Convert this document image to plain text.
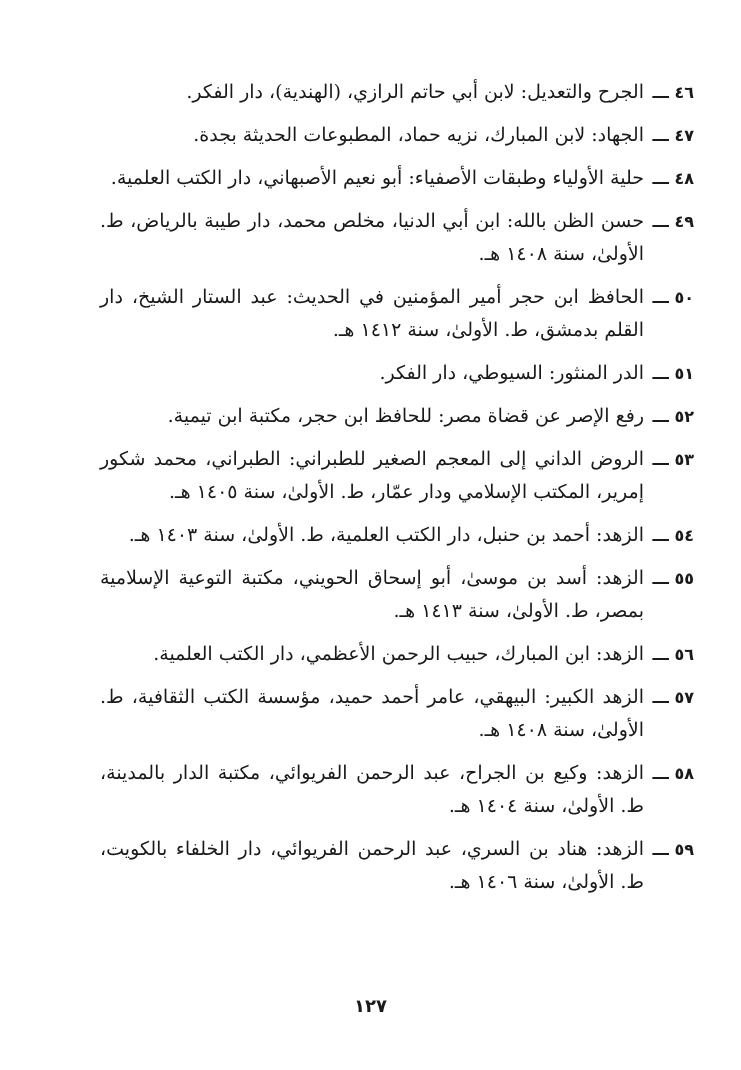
٤٦ ـــ
الجرح والتعديل: لابن أبي حاتم الرازي، (الهندية)، دار الفكر.
٤٧ ـــ
الجهاد: لابن المبارك، نزيه حماد، المطبوعات الحديثة بجدة.
٤٨ ـــ
حلية الأولياء وطبقات الأصفياء: أبو نعيم الأصبهاني، دار الكتب العلمية.
٤٩ ـــ
حسن الظن بالله: ابن أبي الدنيا، مخلص محمد، دار طيبة بالرياض، ط. الأولىٰ، سنة ١٤٠٨ هـ.
٥٠ ـــ
الحافظ ابن حجر أمير المؤمنين في الحديث: عبد الستار الشيخ، دار القلم بدمشق، ط. الأولىٰ، سنة ١٤١٢ هـ.
٥١ ـــ
الدر المنثور: السيوطي، دار الفكر.
٥٢ ـــ
رفع الإصر عن قضاة مصر: للحافظ ابن حجر، مكتبة ابن تيمية.
٥٣ ـــ
الروض الداني إلى المعجم الصغير للطبراني: الطبراني، محمد شكور إمرير، المكتب الإسلامي ودار عمّار، ط. الأولىٰ، سنة ١٤٠٥ هـ.
٥٤ ـــ
الزهد: أحمد بن حنبل، دار الكتب العلمية، ط. الأولىٰ، سنة ١٤٠٣ هـ.
٥٥ ـــ
الزهد: أسد بن موسىٰ، أبو إسحاق الحويني، مكتبة التوعية الإسلامية بمصر، ط. الأولىٰ، سنة ١٤١٣ هـ.
٥٦ ـــ
الزهد: ابن المبارك، حبيب الرحمن الأعظمي، دار الكتب العلمية.
٥٧ ـــ
الزهد الكبير: البيهقي، عامر أحمد حميد، مؤسسة الكتب الثقافية، ط. الأولىٰ، سنة ١٤٠٨ هـ.
٥٨ ـــ
الزهد: وكيع بن الجراح، عبد الرحمن الفريوائي، مكتبة الدار بالمدينة، ط. الأولىٰ، سنة ١٤٠٤ هـ.
٥٩ ـــ
الزهد: هناد بن السري، عبد الرحمن الفريوائي، دار الخلفاء بالكويت، ط. الأولىٰ، سنة ١٤٠٦ هـ.
١٢٧
